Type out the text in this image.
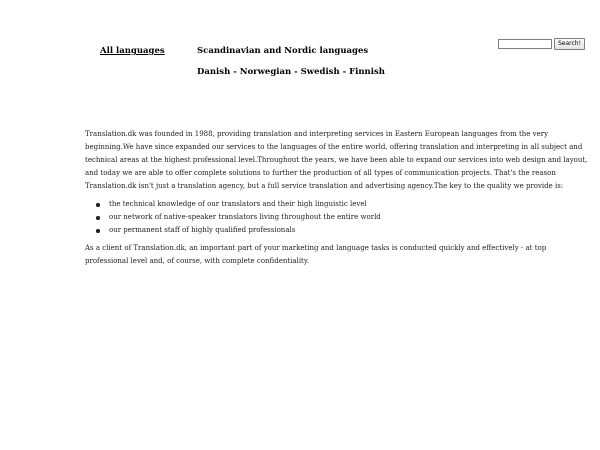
All languages	Scandinavian and Nordic languages
Danish - Norwegian - Swedish - Finnish
Search!

Translation.dk was founded in 1988, providing translation and interpreting services in Eastern European languages from the very beginning.We have since expanded our services to the languages of the entire world, offering translation and interpreting in all subject and technical areas at the highest professional level.Throughout the years, we have been able to expand our services into web design and layout, and today we are able to offer complete solutions to further the production of all types of communication projects. That's the reason Translation.dk isn't just a translation agency, but a full service translation and advertising agency.The key to the quality we provide is:

the technical knowledge of our translators and their high linguistic level
our network of native-speaker translators living throughout the entire world
our permanent staff of highly qualified professionals

As a client of Translation.dk, an important part of your marketing and language tasks is conducted quickly and effectively - at top professional level and, of course, with complete confidentiality.
